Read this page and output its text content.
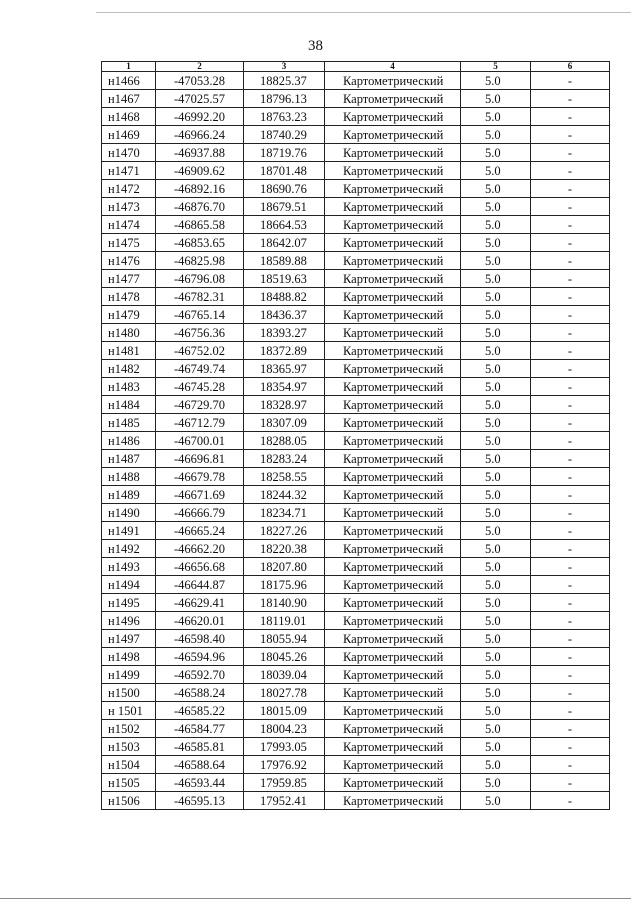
38
1	2	3	4	5	6
н1466	-47053.28	18825.37	Картометрический	5.0	-
н1467	-47025.57	18796.13	Картометрический	5.0	-
н1468	-46992.20	18763.23	Картометрический	5.0	-
н1469	-46966.24	18740.29	Картометрический	5.0	-
н1470	-46937.88	18719.76	Картометрический	5.0	-
н1471	-46909.62	18701.48	Картометрический	5.0	-
н1472	-46892.16	18690.76	Картометрический	5.0	-
н1473	-46876.70	18679.51	Картометрический	5.0	-
н1474	-46865.58	18664.53	Картометрический	5.0	-
н1475	-46853.65	18642.07	Картометрический	5.0	-
н1476	-46825.98	18589.88	Картометрический	5.0	-
н1477	-46796.08	18519.63	Картометрический	5.0	-
н1478	-46782.31	18488.82	Картометрический	5.0	-
н1479	-46765.14	18436.37	Картометрический	5.0	-
н1480	-46756.36	18393.27	Картометрический	5.0	-
н1481	-46752.02	18372.89	Картометрический	5.0	-
н1482	-46749.74	18365.97	Картометрический	5.0	-
н1483	-46745.28	18354.97	Картометрический	5.0	-
н1484	-46729.70	18328.97	Картометрический	5.0	-
н1485	-46712.79	18307.09	Картометрический	5.0	-
н1486	-46700.01	18288.05	Картометрический	5.0	-
н1487	-46696.81	18283.24	Картометрический	5.0	-
н1488	-46679.78	18258.55	Картометрический	5.0	-
н1489	-46671.69	18244.32	Картометрический	5.0	-
н1490	-46666.79	18234.71	Картометрический	5.0	-
н1491	-46665.24	18227.26	Картометрический	5.0	-
н1492	-46662.20	18220.38	Картометрический	5.0	-
н1493	-46656.68	18207.80	Картометрический	5.0	-
н1494	-46644.87	18175.96	Картометрический	5.0	-
н1495	-46629.41	18140.90	Картометрический	5.0	-
н1496	-46620.01	18119.01	Картометрический	5.0	-
н1497	-46598.40	18055.94	Картометрический	5.0	-
н1498	-46594.96	18045.26	Картометрический	5.0	-
н1499	-46592.70	18039.04	Картометрический	5.0	-
н1500	-46588.24	18027.78	Картометрический	5.0	-
н 1501	-46585.22	18015.09	Картометрический	5.0	-
н1502	-46584.77	18004.23	Картометрический	5.0	-
н1503	-46585.81	17993.05	Картометрический	5.0	-
н1504	-46588.64	17976.92	Картометрический	5.0	-
н1505	-46593.44	17959.85	Картометрический	5.0	-
н1506	-46595.13	17952.41	Картометрический	5.0	-
